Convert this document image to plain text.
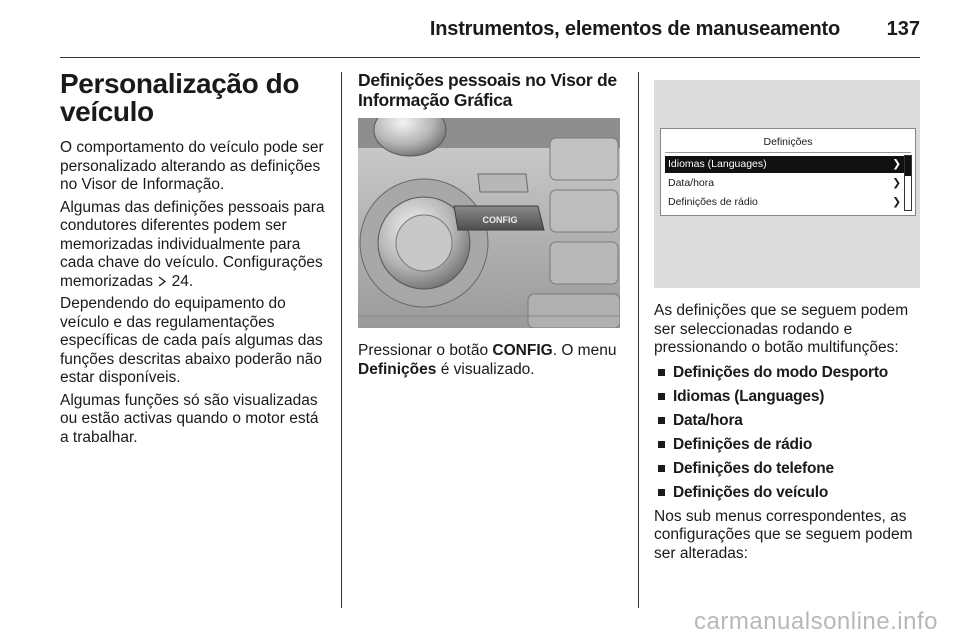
Instrumentos, elementos de manuseamento	137
Personalização do veículo

O comportamento do veículo pode ser personalizado alterando as definições no Visor de Informação.

Algumas das definições pessoais para condutores diferentes podem ser memorizadas individualmente para cada chave do veículo. Configurações memorizadas  24.

Dependendo do equipamento do veículo e das regulamentações específicas de cada país algumas das funções descritas abaixo poderão não estar disponíveis.

Algumas funções só são visualizadas ou estão activas quando o motor está a trabalhar.

Definições pessoais no Visor de Informação Gráfica
CONFIG

Pressionar o botão CONFIG. O menu Definições é visualizado.

Definições
Idiomas (Languages)	❯
Data/hora	❯
Definições de rádio	❯

As definições que se seguem podem ser seleccionadas rodando e pressionando o botão multifunções:

Definições do modo Desporto
Idiomas (Languages)
Data/hora
Definições de rádio
Definições do telefone
Definições do veículo

Nos sub menus correspondentes, as configurações que se seguem podem ser alteradas:

carmanualsonline.info
